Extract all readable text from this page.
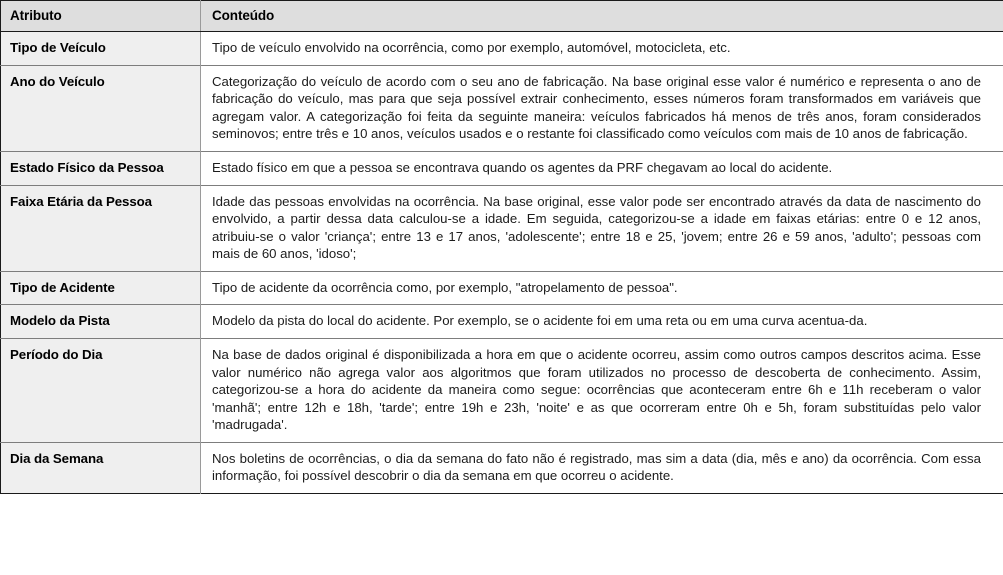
Atributo	Conteúdo
Tipo de Veículo	Tipo de veículo envolvido na ocorrência, como por exemplo, automóvel, motocicleta, etc.
Ano do Veículo	Categorização do veículo de acordo com o seu ano de fabricação. Na base original esse valor é numérico e representa o ano de fabricação do veículo, mas para que seja possível extrair conhecimento, esses números foram transformados em variáveis que agregam valor. A categorização foi feita da seguinte maneira: veículos fabricados há menos de três anos, foram considerados seminovos; entre três e 10 anos, veículos usados e o restante foi classificado como veículos com mais de 10 anos de fabricação.
Estado Físico da Pessoa	Estado físico em que a pessoa se encontrava quando os agentes da PRF chegavam ao local do acidente.
Faixa Etária da Pessoa	Idade das pessoas envolvidas na ocorrência. Na base original, esse valor pode ser encontrado através da data de nascimento do envolvido, a partir dessa data calculou-se a idade. Em seguida, categorizou-se a idade em faixas etárias: entre 0 e 12 anos, atribuiu-se o valor 'criança'; entre 13 e 17 anos, 'adolescente'; entre 18 e 25, 'jovem; entre 26 e 59 anos, 'adulto'; pessoas com mais de 60 anos, 'idoso';
Tipo de Acidente	Tipo de acidente da ocorrência como, por exemplo, "atropelamento de pessoa".
Modelo da Pista	Modelo da pista do local do acidente. Por exemplo, se o acidente foi em uma reta ou em uma curva acentua-da.
Período do Dia	Na base de dados original é disponibilizada a hora em que o acidente ocorreu, assim como outros campos descritos acima. Esse valor numérico não agrega valor aos algoritmos que foram utilizados no processo de descoberta de conhecimento. Assim, categorizou-se a hora do acidente da maneira como segue: ocorrências que aconteceram entre 6h e 11h receberam o valor 'manhã'; entre 12h e 18h, 'tarde'; entre 19h e 23h, 'noite' e as que ocorreram entre 0h e 5h, foram substituídas pelo valor 'madrugada'.
Dia da Semana	Nos boletins de ocorrências, o dia da semana do fato não é registrado, mas sim a data (dia, mês e ano) da ocorrência. Com essa informação, foi possível descobrir o dia da semana em que ocorreu o acidente.
